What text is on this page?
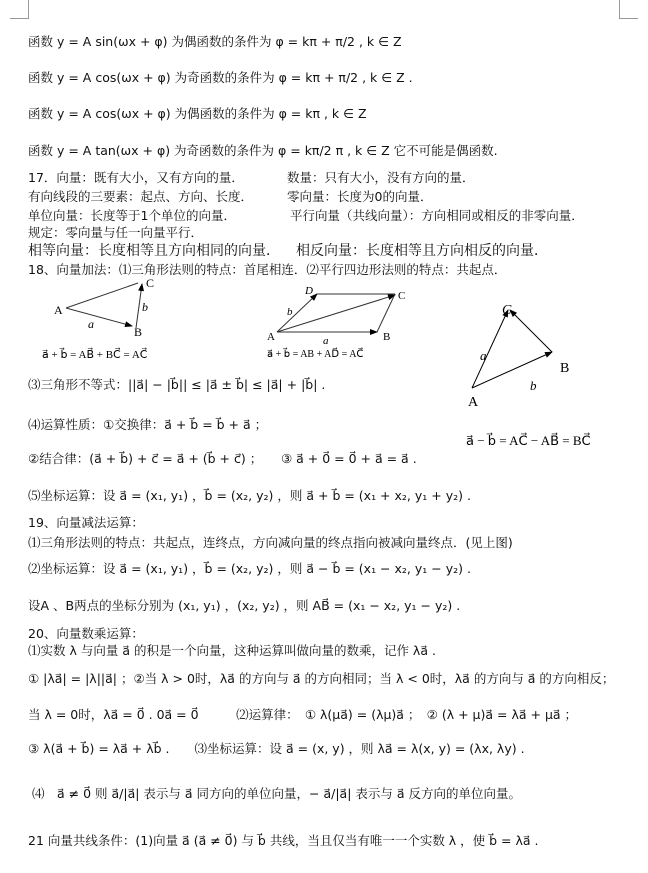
函数 y = A sin(ωx + φ) 为偶函数的条件为 φ = kπ + π/2 , k ∈ Z
函数 y = A cos(ωx + φ) 为奇函数的条件为 φ = kπ + π/2 , k ∈ Z .
函数 y = A cos(ωx + φ) 为偶函数的条件为 φ = kπ , k ∈ Z
函数 y = A tan(ωx + φ) 为奇函数的条件为 φ = kπ/2 π , k ∈ Z 它不可能是偶函数.
17．向量：既有大小，又有方向的量．	数量：只有大小，没有方向的量．
有向线段的三要素：起点、方向、长度．	零向量：长度为0的向量．
单位向量：长度等于1个单位的向量．	平行向量（共线向量）：方向相同或相反的非零向量．
规定：零向量与任一向量平行．
相等向量：长度相等且方向相同的向量． 相反向量：长度相等且方向相反的向量．
18、向量加法：⑴三角形法则的特点：首尾相连．⑵平行四边形法则的特点：共起点．
A
B
C
a⃗
b⃗
a⃗ + b⃗ = AB⃗ + BC⃗ = AC⃗
A	B
C
D
b⃗
a⃗
a⃗ + b⃗ = AB + AD⃗ = AC⃗
A
B
C
a⃗
b⃗
a⃗ − b⃗ = AC⃗ − AB⃗ = BC⃗
⑶三角形不等式：||a⃗| − |b⃗|| ≤ |a⃗ ± b⃗| ≤ |a⃗| + |b⃗| .
⑷运算性质：①交换律：a⃗ + b⃗ = b⃗ + a⃗ ；
②结合律：(a⃗ + b⃗) + c⃗ = a⃗ + (b⃗ + c⃗) ；　　③ a⃗ + 0⃗ = 0⃗ + a⃗ = a⃗ .
⑸坐标运算：设 a⃗ = (x₁, y₁) ，b⃗ = (x₂, y₂) ，则 a⃗ + b⃗ = (x₁ + x₂, y₁ + y₂) .
19、向量减法运算：
⑴三角形法则的特点：共起点，连终点，方向减向量的终点指向被减向量终点．(见上图)
⑵坐标运算：设 a⃗ = (x₁, y₁) ，b⃗ = (x₂, y₂) ，则 a⃗ − b⃗ = (x₁ − x₂, y₁ − y₂) .
设A 、B两点的坐标分别为 (x₁, y₁) ，(x₂, y₂) ，则 AB⃗ = (x₁ − x₂, y₁ − y₂) .
20、向量数乘运算：
⑴实数 λ 与向量 a⃗ 的积是一个向量，这种运算叫做向量的数乘，记作 λa⃗ .
① |λa⃗| = |λ||a⃗| ；②当 λ > 0时，λa⃗ 的方向与 a⃗ 的方向相同；当 λ < 0时，λa⃗ 的方向与 a⃗ 的方向相反；
当 λ = 0时，λa⃗ = 0⃗ . 0a⃗ = 0⃗　　　⑵运算律：　① λ(μa⃗) = (λμ)a⃗ ；　② (λ + μ)a⃗ = λa⃗ + μa⃗ ；
③ λ(a⃗ + b⃗) = λa⃗ + λb⃗ .　　⑶坐标运算：设 a⃗ = (x, y) ，则 λa⃗ = λ(x, y) = (λx, λy) .
⑷　a⃗ ≠ 0⃗ 则 a⃗/|a⃗| 表示与 a⃗ 同方向的单位向量，− a⃗/|a⃗| 表示与 a⃗ 反方向的单位向量。
21 向量共线条件：(1)向量 a⃗ (a⃗ ≠ 0⃗) 与 b⃗ 共线，当且仅当有唯一一个实数 λ ，使 b⃗ = λa⃗ .
